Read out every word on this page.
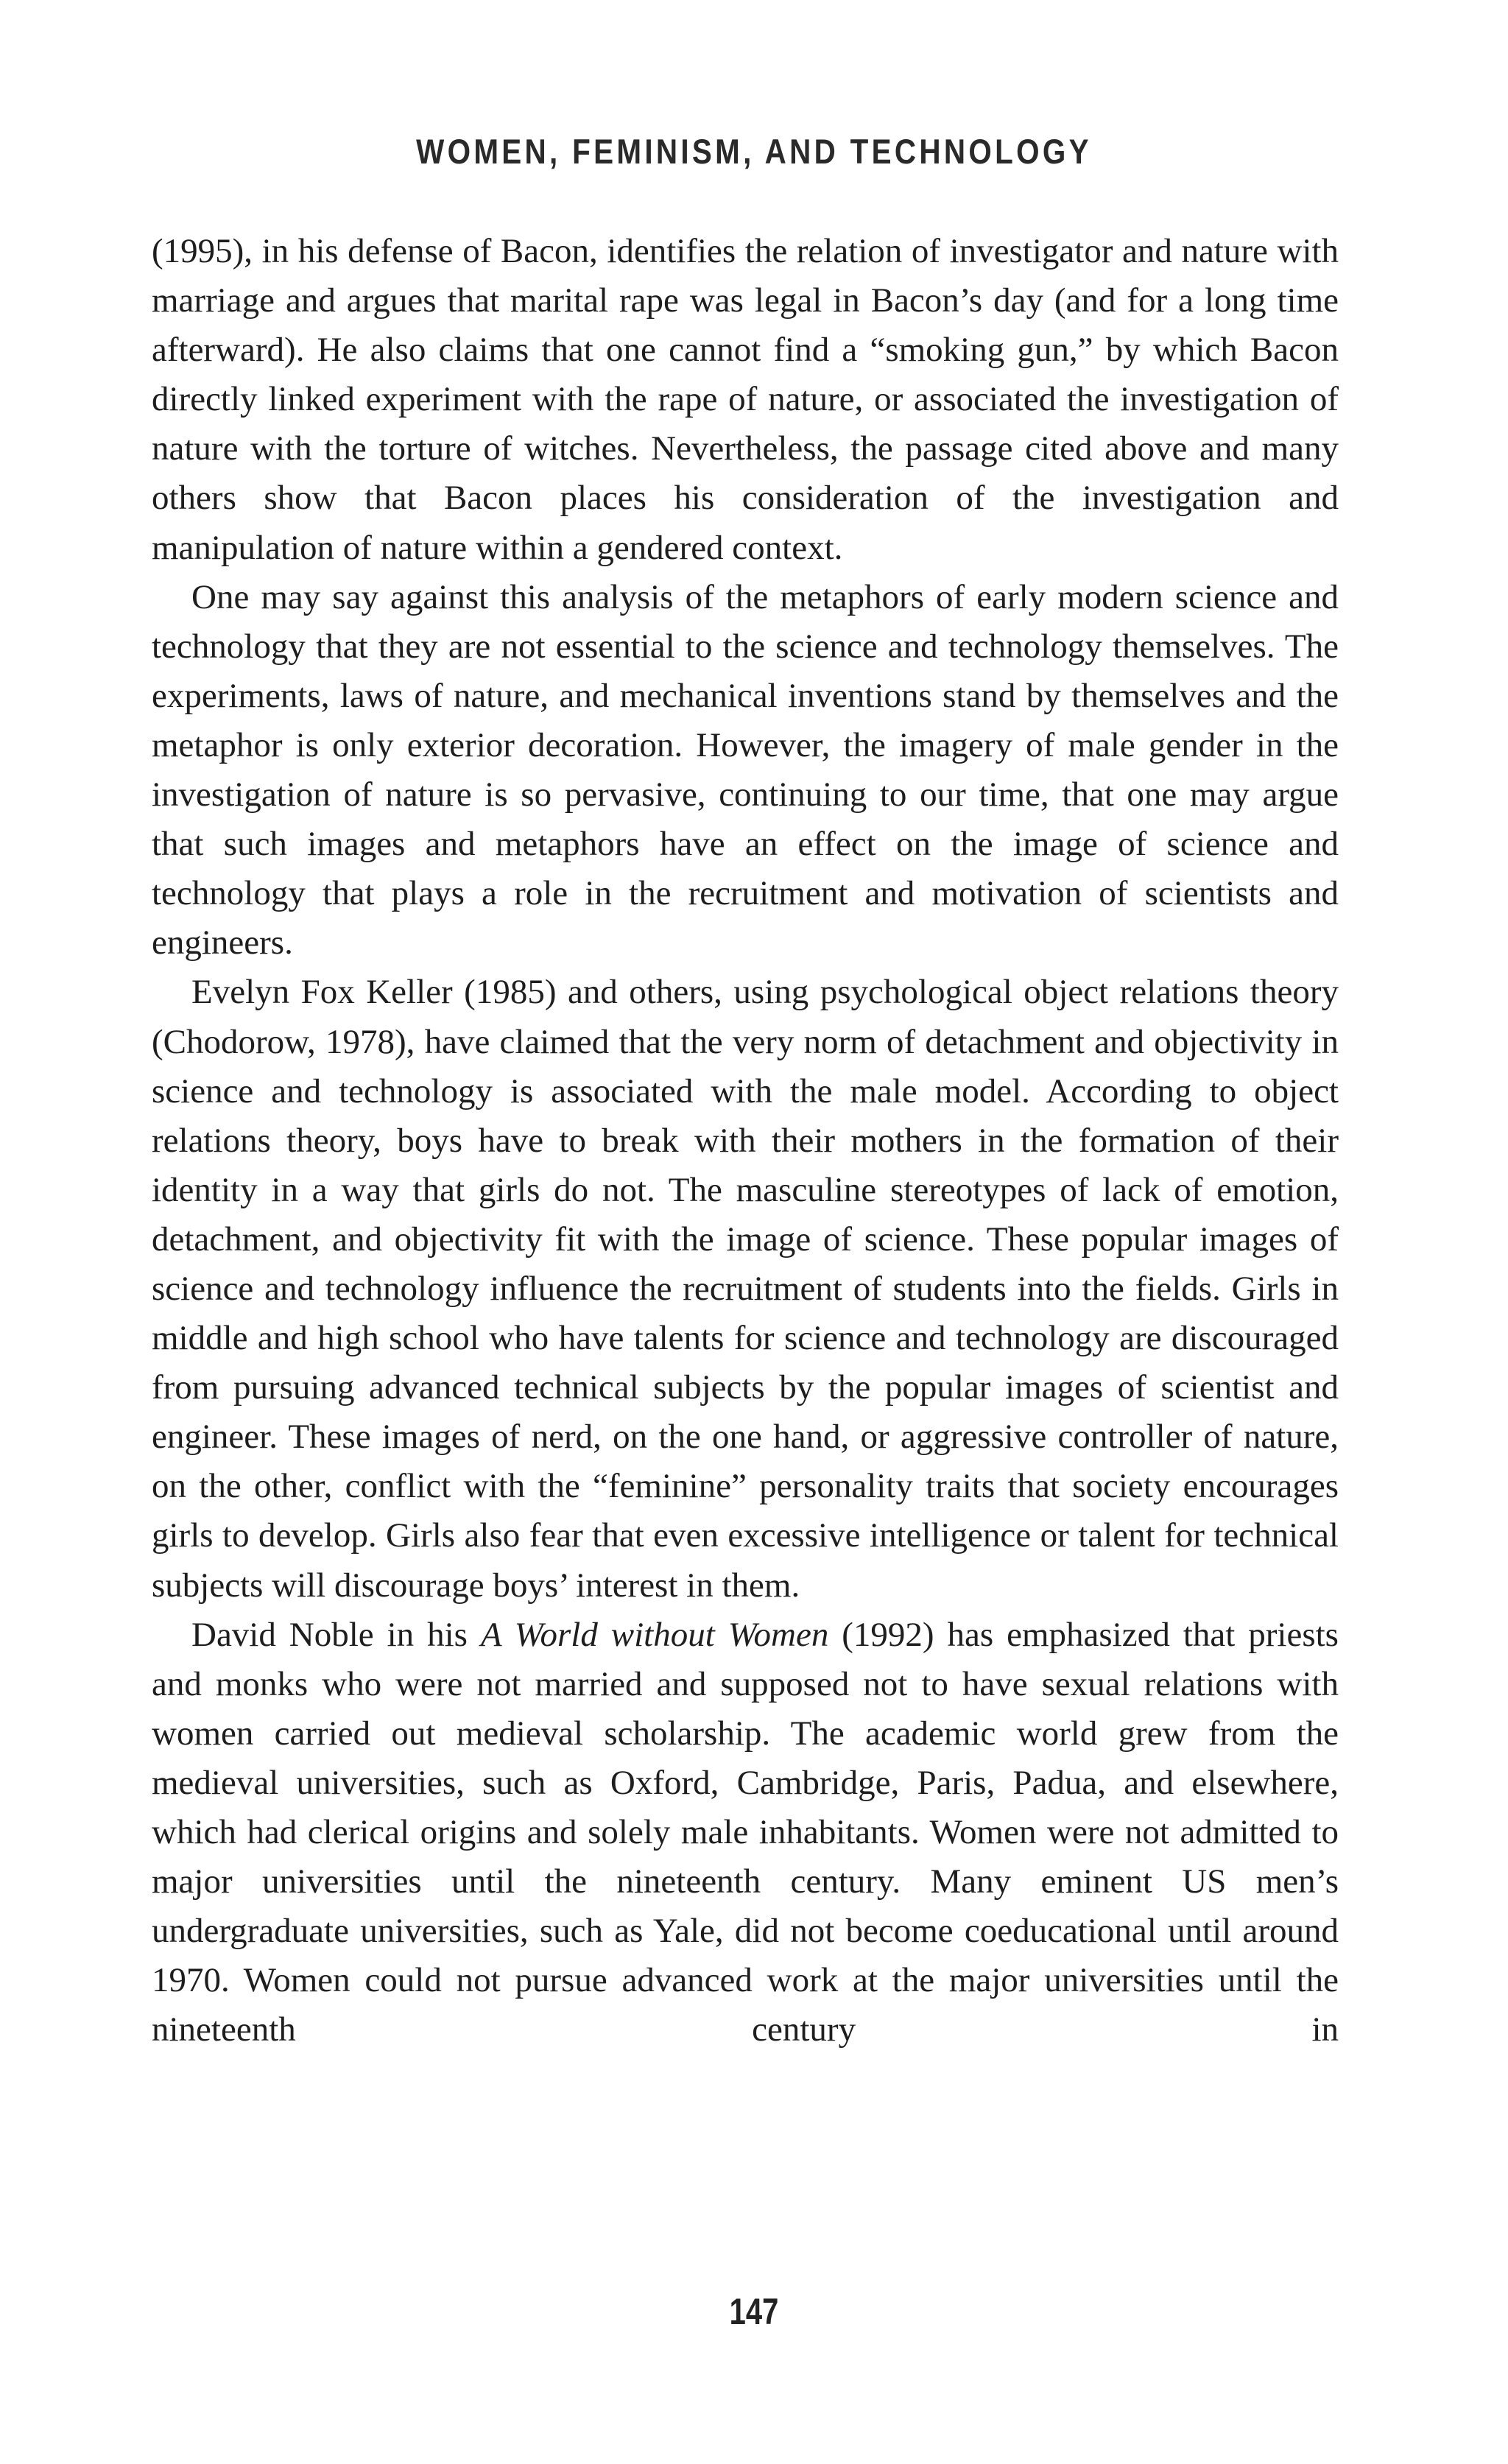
WOMEN, FEMINISM, AND TECHNOLOGY

(1995), in his defense of Bacon, identifies the relation of investigator and nature with marriage and argues that marital rape was legal in Bacon’s day (and for a long time afterward). He also claims that one cannot find a “smoking gun,” by which Bacon directly linked experiment with the rape of nature, or associated the investigation of nature with the torture of witches. Nevertheless, the passage cited above and many others show that Bacon places his consideration of the investigation and manipulation of nature within a gendered context.

One may say against this analysis of the metaphors of early modern science and technology that they are not essential to the science and technology themselves. The experiments, laws of nature, and mechanical inventions stand by themselves and the metaphor is only exterior decoration. However, the imagery of male gender in the investigation of nature is so pervasive, continuing to our time, that one may argue that such images and metaphors have an effect on the image of science and technology that plays a role in the recruitment and motivation of scientists and engineers.

Evelyn Fox Keller (1985) and others, using psychological object relations theory (Chodorow, 1978), have claimed that the very norm of detachment and objectivity in science and technology is associated with the male model. According to object relations theory, boys have to break with their mothers in the formation of their identity in a way that girls do not. The masculine stereotypes of lack of emotion, detachment, and objectivity fit with the image of science. These popular images of science and technology influence the recruitment of students into the fields. Girls in middle and high school who have talents for science and technology are discouraged from pursuing advanced technical subjects by the popular images of scientist and engineer. These images of nerd, on the one hand, or aggressive controller of nature, on the other, conflict with the “feminine” personality traits that society encourages girls to develop. Girls also fear that even excessive intelligence or talent for technical subjects will discourage boys’ interest in them.

David Noble in his A World without Women (1992) has emphasized that priests and monks who were not married and supposed not to have sexual relations with women carried out medieval scholarship. The academic world grew from the medieval universities, such as Oxford, Cambridge, Paris, Padua, and elsewhere, which had clerical origins and solely male inhabitants. Women were not admitted to major universities until the nineteenth century. Many eminent US men’s undergraduate universities, such as Yale, did not become coeducational until around 1970. Women could not pursue advanced work at the major universities until the nineteenth century in

147
